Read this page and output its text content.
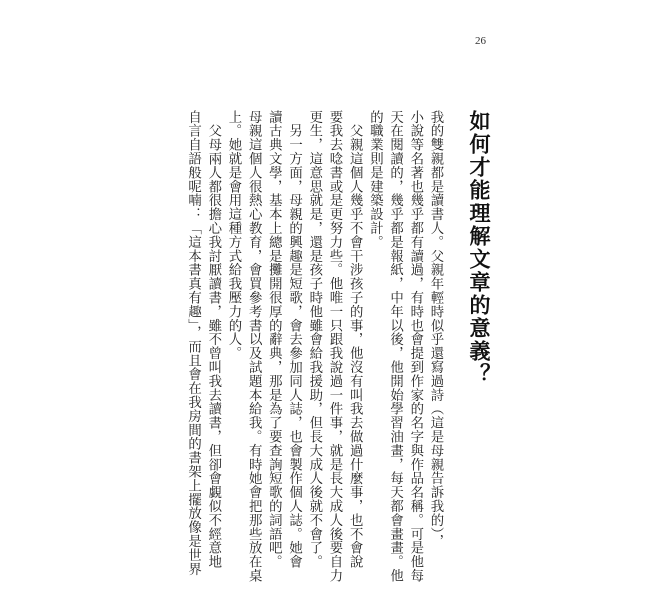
26
如何才能理解文章的意義？
我的雙親都是讀書人。父親年輕時似乎還寫過詩（這是母親告訴我的），
小說等名著也幾乎都有讀過，有時也會提到作家的名字與作品名稱。可是他每
天在閱讀的，幾乎都是報紙，中年以後，他開始學習油畫，每天都會畫畫。他
的職業則是建築設計。
　父親這個人幾乎不會干涉孩子的事，他沒有叫我去做過什麼事，也不會說
要我去唸書或是更努力些。他唯一只跟我說過一件事，就是長大成人後要自力
更生，這意思就是，還是孩子時他雖會給我援助，但長大成人後就不會了。
　另一方面，母親的興趣是短歌，會去參加同人誌，也會製作個人誌。她會
讀古典文學，基本上總是攤開很厚的辭典，那是為了要查詢短歌的詞語吧。
母親這個人很熱心教育，會買參考書以及試題本給我。有時她會把那些放在桌
上。她就是會用這種方式給我壓力的人。
　父母兩人都很擔心我討厭讀書，雖不曾叫我去讀書，但卻會覷似不經意地
自言自語般呢喃：「這本書真有趣」，而且會在我房間的書架上擺放像是世界
